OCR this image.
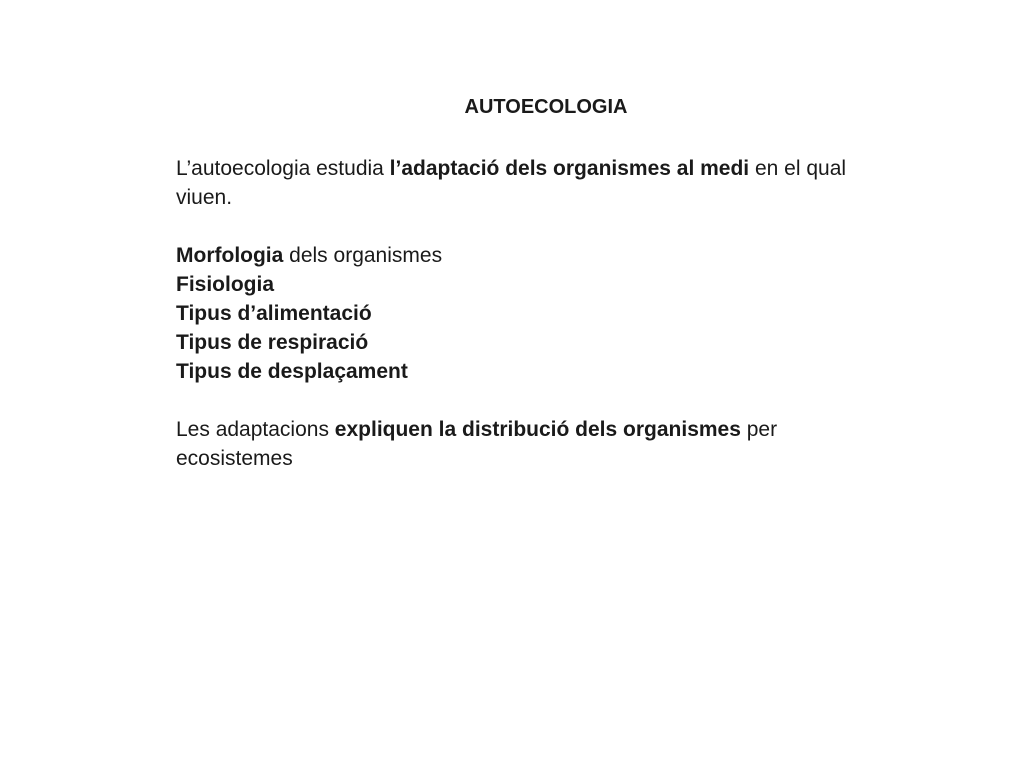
AUTOECOLOGIA

L’autoecologia estudia l’adaptació dels organismes al medi en el qual viuen.

Morfologia dels organismes

Fisiologia

Tipus d’alimentació

Tipus de respiració

Tipus de desplaçament

Les adaptacions expliquen la distribució dels organismes per ecosistemes
